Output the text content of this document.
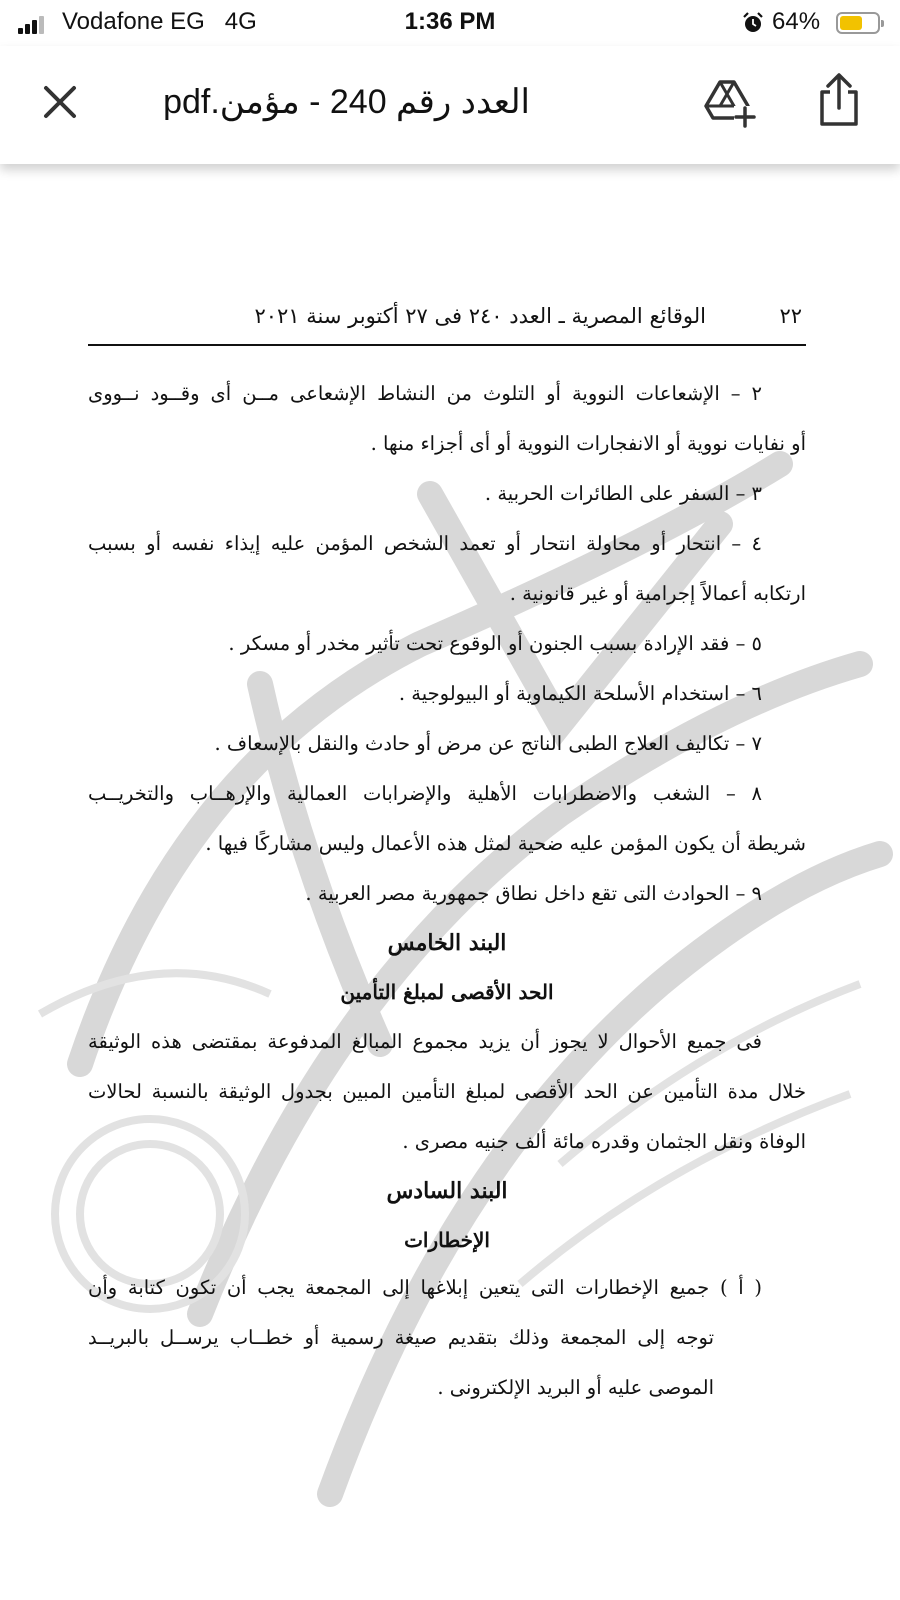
Vodafone EG 4G	1:36 PM	64%
العدد رقم 240 - مؤمن.pdf
٢٢
الوقائع المصرية ـ العدد ٢٤٠ فى ٢٧ أكتوبر سنة ٢٠٢١
٢ – الإشعاعات النووية أو التلوث من النشاط الإشعاعى مــن أى وقــود نــووى
أو نفايات نووية أو الانفجارات النووية أو أى أجزاء منها .
٣ – السفر على الطائرات الحربية .
٤ – انتحار أو محاولة انتحار أو تعمد الشخص المؤمن عليه إيذاء نفسه أو بسبب
ارتكابه أعمالاً إجرامية أو غير قانونية .
٥ – فقد الإرادة بسبب الجنون أو الوقوع تحت تأثير مخدر أو مسكر .
٦ – استخدام الأسلحة الكيماوية أو البيولوجية .
٧ – تكاليف العلاج الطبى الناتج عن مرض أو حادث والنقل بالإسعاف .
٨ – الشغب والاضطرابات الأهلية والإضرابات العمالية والإرهــاب والتخريــب
شريطة أن يكون المؤمن عليه ضحية لمثل هذه الأعمال وليس مشاركًا فيها .
٩ – الحوادث التى تقع داخل نطاق جمهورية مصر العربية .
البند الخامس
الحد الأقصى لمبلغ التأمين
فى جميع الأحوال لا يجوز أن يزيد مجموع المبالغ المدفوعة بمقتضى هذه الوثيقة
خلال مدة التأمين عن الحد الأقصى لمبلغ التأمين المبين بجدول الوثيقة بالنسبة لحالات
الوفاة ونقل الجثمان وقدره مائة ألف جنيه مصرى .
البند السادس
الإخطارات
( أ ) جميع الإخطارات التى يتعين إبلاغها إلى المجمعة يجب أن تكون كتابة وأن
توجه إلى المجمعة وذلك بتقديم صيغة رسمية أو خطــاب يرســل بالبريــد
الموصى عليه أو البريد الإلكترونى .
